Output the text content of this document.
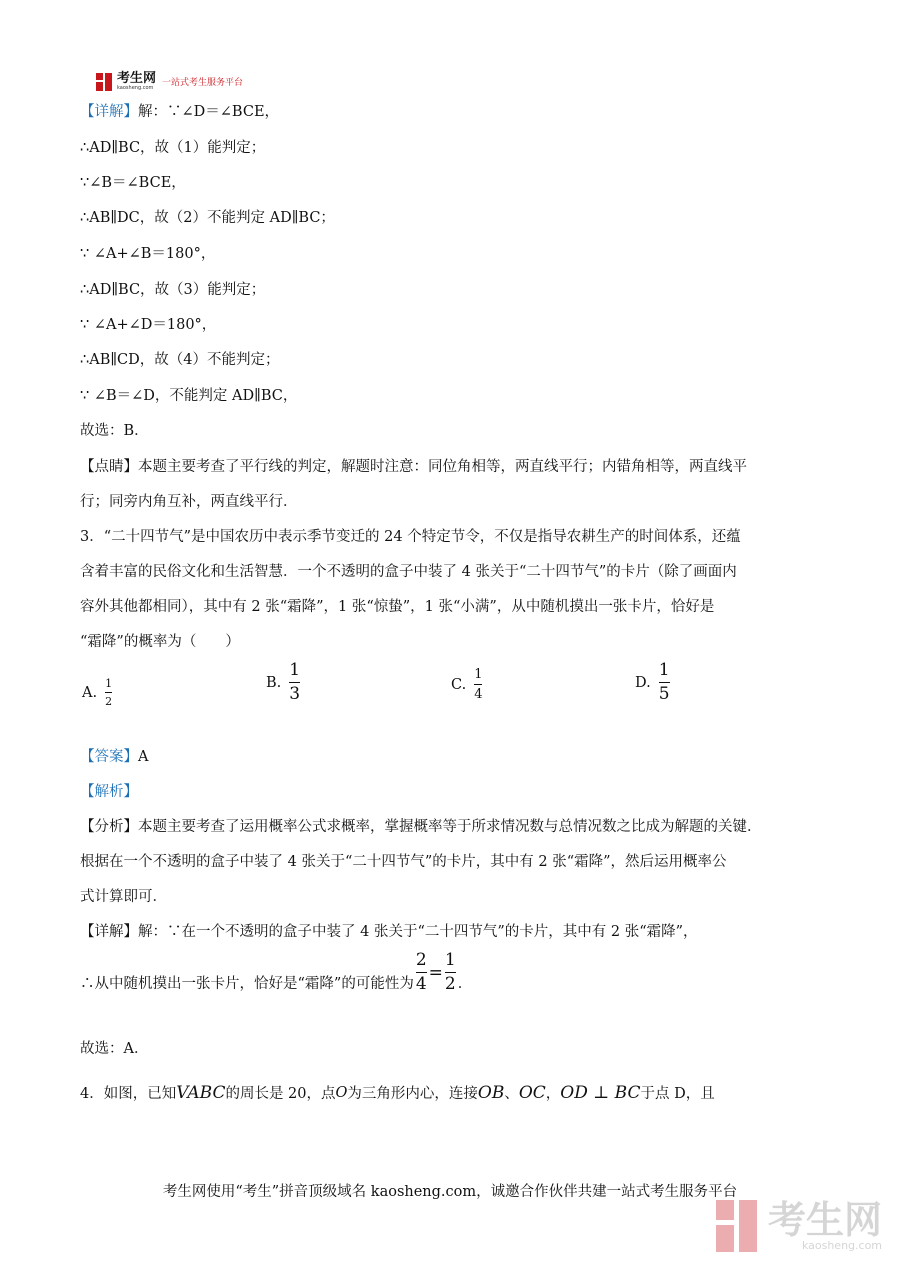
考生网
kaosheng.com 一站式考生服务平台
【详解】解：∵∠D＝∠BCE，
∴AD∥BC，故（1）能判定；
∵∠B＝∠BCE，
∴AB∥DC，故（2）不能判定 AD∥BC；
∵ ∠A+∠B＝180°，
∴AD∥BC，故（3）能判定；
∵ ∠A+∠D＝180°，
∴AB∥CD，故（4）不能判定；
∵ ∠B＝∠D，不能判定 AD∥BC，
故选：B．
【点睛】本题主要考查了平行线的判定，解题时注意：同位角相等，两直线平行；内错角相等，两直线平
行；同旁内角互补，两直线平行．
3．“二十四节气”是中国农历中表示季节变迁的 24 个特定节令，不仅是指导农耕生产的时间体系，还蕴
含着丰富的民俗文化和生活智慧．一个不透明的盒子中装了 4 张关于“二十四节气”的卡片（除了画面内
容外其他都相同），其中有 2 张“霜降”，1 张“惊蛰”，1 张“小满”，从中随机摸出一张卡片，恰好是
“霜降”的概率为（　　）
A. $\frac{1}{2}$	B. $\frac{1}{3}$	C. $\frac{1}{4}$	D. $\frac{1}{5}$
【答案】A
【解析】
【分析】本题主要考查了运用概率公式求概率，掌握概率等于所求情况数与总情况数之比成为解题的关键．
根据在一个不透明的盒子中装了 4 张关于“二十四节气”的卡片，其中有 2 张“霜降”，然后运用概率公
式计算即可．
【详解】解：∵在一个不透明的盒子中装了 4 张关于“二十四节气”的卡片，其中有 2 张“霜降”，
∴从中随机摸出一张卡片，恰好是“霜降”的可能性为 $\frac{2}{4} = \frac{1}{2}$ ．
故选：A．
4．如图，已知 VABC 的周长是 20，点 O 为三角形内心，连接 OB 、 OC ， OD ⊥ BC 于点 D，且
考生网使用“考生”拼音顶级域名 kaosheng.com，诚邀合作伙伴共建一站式考生服务平台
考生网
kaosheng.com
